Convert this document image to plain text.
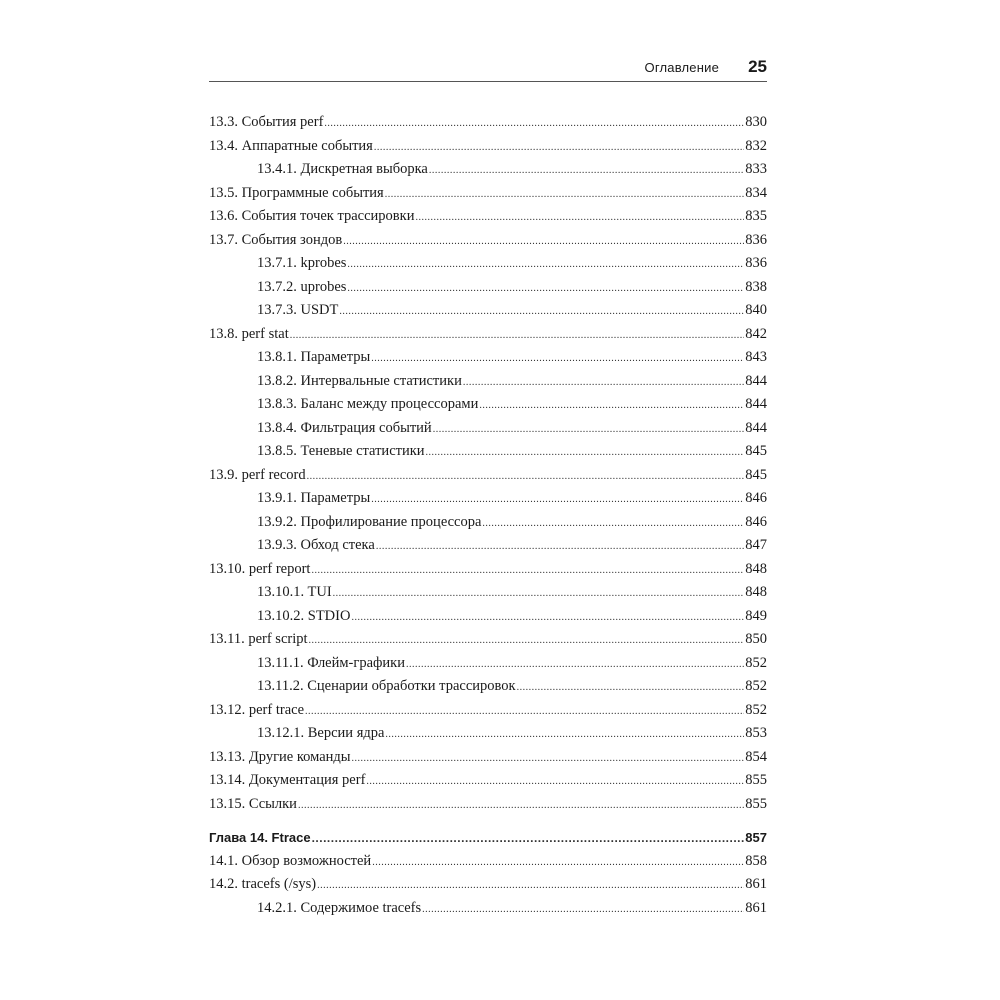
Оглавление 25
13.3. События perf .....	830
13.4. Аппаратные события .....	832
13.4.1. Дискретная выборка .....	833
13.5. Программные события .....	834
13.6. События точек трассировки .....	835
13.7. События зондов .....	836
13.7.1. kprobes .....	836
13.7.2. uprobes .....	838
13.7.3. USDT .....	840
13.8. perf stat .....	842
13.8.1. Параметры .....	843
13.8.2. Интервальные статистики .....	844
13.8.3. Баланс между процессорами .....	844
13.8.4. Фильтрация событий .....	844
13.8.5. Теневые статистики .....	845
13.9. perf record .....	845
13.9.1. Параметры .....	846
13.9.2. Профилирование процессора .....	846
13.9.3. Обход стека .....	847
13.10. perf report .....	848
13.10.1. TUI .....	848
13.10.2. STDIO .....	849
13.11. perf script .....	850
13.11.1. Флейм-графики .....	852
13.11.2. Сценарии обработки трассировок .....	852
13.12. perf trace .....	852
13.12.1. Версии ядра .....	853
13.13. Другие команды .....	854
13.14. Документация perf .....	855
13.15. Ссылки .....	855
Глава 14. Ftrace .....	857
14.1. Обзор возможностей .....	858
14.2. tracefs (/sys) .....	861
14.2.1. Содержимое tracefs .....	861
